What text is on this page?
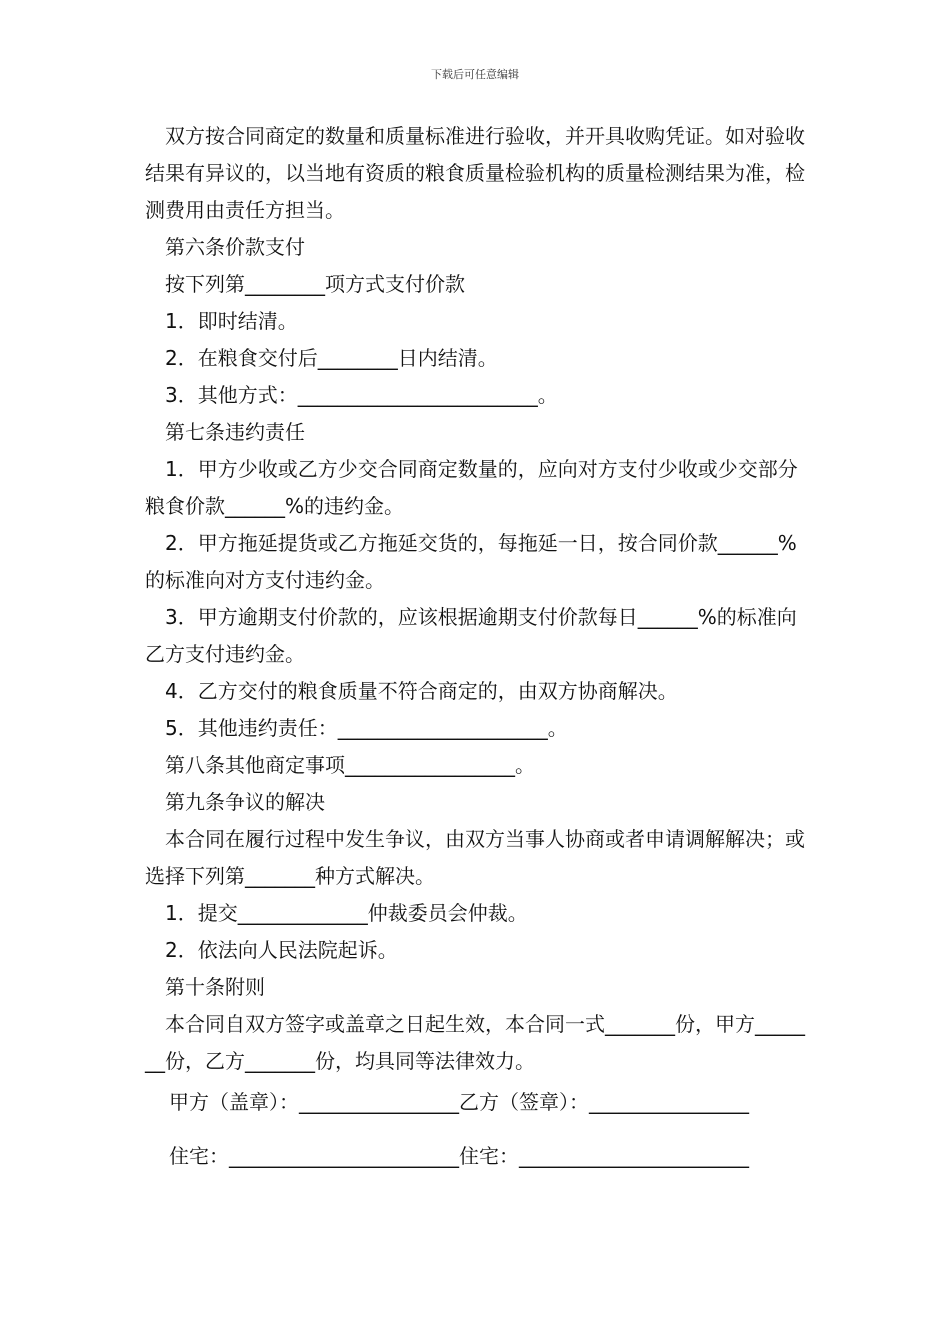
下载后可任意编辑

双方按合同商定的数量和质量标准进行验收，并开具收购凭证。如对验收结果有异议的，以当地有资质的粮食质量检验机构的质量检测结果为准，检测费用由责任方担当。

第六条价款支付

按下列第________项方式支付价款

1．即时结清。

2．在粮食交付后________日内结清。

3．其他方式：________________________。

第七条违约责任

1．甲方少收或乙方少交合同商定数量的，应向对方支付少收或少交部分粮食价款______%的违约金。

2．甲方拖延提货或乙方拖延交货的，每拖延一日，按合同价款______%的标准向对方支付违约金。

3．甲方逾期支付价款的，应该根据逾期支付价款每日______%的标准向乙方支付违约金。

4．乙方交付的粮食质量不符合商定的，由双方协商解决。

5．其他违约责任：_____________________。

第八条其他商定事项_________________。

第九条争议的解决

本合同在履行过程中发生争议，由双方当事人协商或者申请调解解决；或选择下列第_______种方式解决。

1．提交_____________仲裁委员会仲裁。

2．依法向人民法院起诉。

第十条附则

本合同自双方签字或盖章之日起生效，本合同一式_______份，甲方_______份，乙方_______份，均具同等法律效力。

甲方（盖章）：________________乙方（签章）：________________

住宅：_______________________住宅：_______________________
